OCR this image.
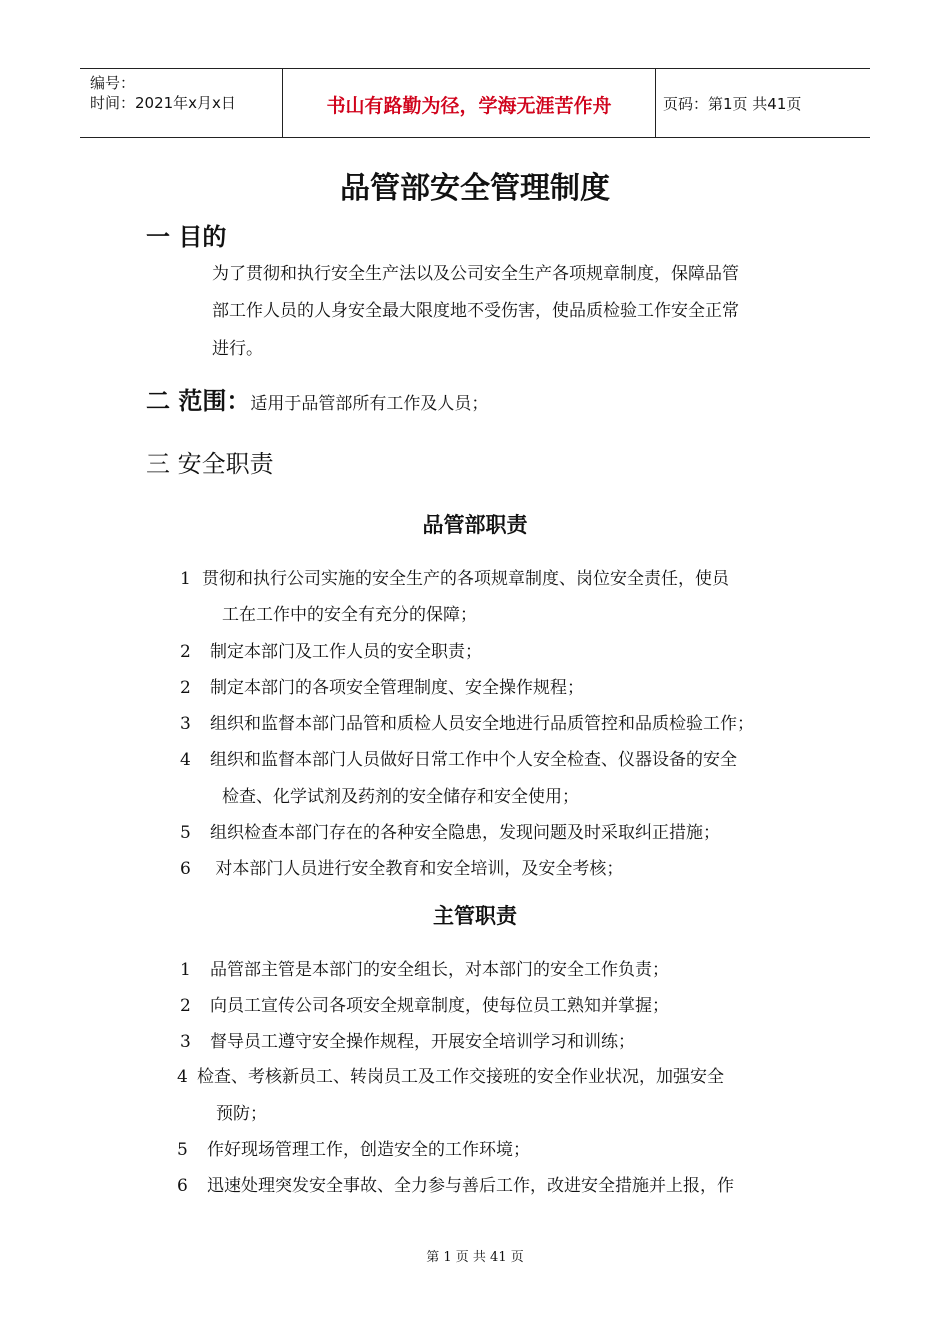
编号：
时间：2021年x月x日	书山有路勤为径，学海无涯苦作舟	页码：第1页 共41页
品管部安全管理制度
一 目的
为了贯彻和执行安全生产法以及公司安全生产各项规章制度，保障品管
部工作人员的人身安全最大限度地不受伤害，使品质检验工作安全正常
进行。
二 范围：适用于品管部所有工作及人员；
三 安全职责
品管部职责
1 贯彻和执行公司实施的安全生产的各项规章制度、岗位安全责任，使员
工在工作中的安全有充分的保障；
2 制定本部门及工作人员的安全职责；
2 制定本部门的各项安全管理制度、安全操作规程；
3 组织和监督本部门品管和质检人员安全地进行品质管控和品质检验工作；
4 组织和监督本部门人员做好日常工作中个人安全检查、仪器设备的安全
检查、化学试剂及药剂的安全储存和安全使用；
5 组织检查本部门存在的各种安全隐患，发现问题及时采取纠正措施；
6 对本部门人员进行安全教育和安全培训，及安全考核；
主管职责
1 品管部主管是本部门的安全组长，对本部门的安全工作负责；
2 向员工宣传公司各项安全规章制度，使每位员工熟知并掌握；
3 督导员工遵守安全操作规程，开展安全培训学习和训练；
4 检查、考核新员工、转岗员工及工作交接班的安全作业状况，加强安全
预防；
5 作好现场管理工作，创造安全的工作环境；
6 迅速处理突发安全事故、全力参与善后工作，改进安全措施并上报，作
第 1 页 共 41 页
